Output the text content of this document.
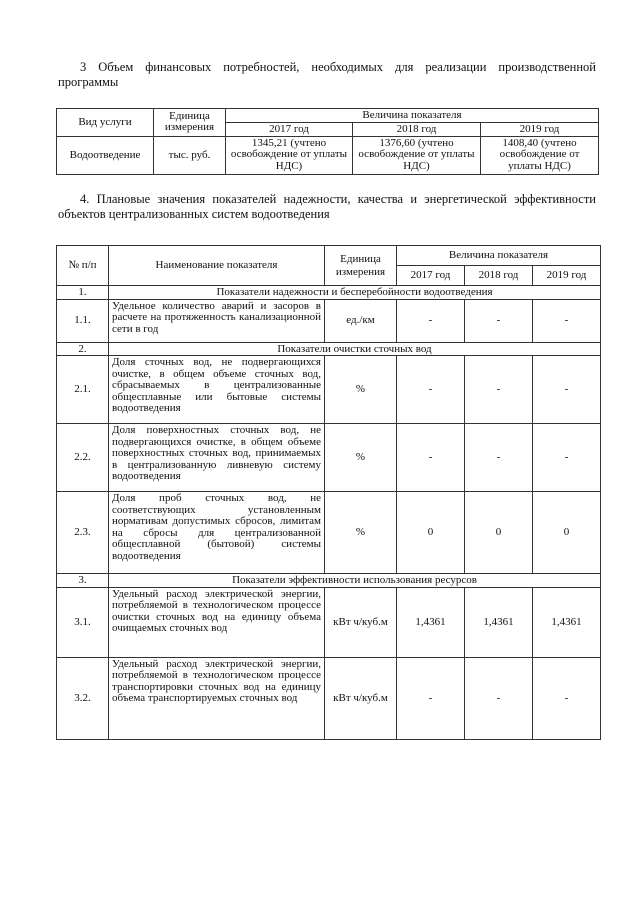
3 Объем финансовых потребностей, необходимых для реализации производственной программы
Вид услуги	Единица измерения	Величина показателя		
		2017 год	2018 год	2019 год
Водоотведение	тыс. руб.	1345,21 (учтено освобождение от уплаты НДС)	1376,60 (учтено освобождение от уплаты НДС)	1408,40 (учтено освобождение от уплаты НДС)
4. Плановые значения показателей надежности, качества и энергетической эффективности объектов централизованных систем водоотведения
№ п/п	Наименование показателя	Единица измерения	Величина показателя		
			2017 год	2018 год	2019 год
1.	Показатели надежности и бесперебойности водоотведения				
1.1.	Удельное количество аварий и засоров в расчете на протяженность канализационной сети в год	ед./км	-	-	-
2.	Показатели очистки сточных вод				
2.1.	Доля сточных вод, не подвергающихся очистке, в общем объеме сточных вод, сбрасываемых в централизованные общесплавные или бытовые системы водоотведения	%	-	-	-
2.2.	Доля поверхностных сточных вод, не подвергающихся очистке, в общем объеме поверхностных сточных вод, принимаемых в централизованную ливневую систему водоотведения	%	-	-	-
2.3.	Доля проб сточных вод, не соответствующих установленным нормативам допустимых сбросов, лимитам на сбросы для централизованной общесплавной (бытовой) системы водоотведения	%	0	0	0
3.	Показатели эффективности использования ресурсов				
3.1.	Удельный расход электрической энергии, потребляемой в технологическом процессе очистки сточных вод на единицу объема очищаемых сточных вод	кВт ч/куб.м	1,4361	1,4361	1,4361
3.2.	Удельный расход электрической энергии, потребляемой в технологическом процессе транспортировки сточных вод на единицу объема транспортируемых сточных вод	кВт ч/куб.м	-	-	-
